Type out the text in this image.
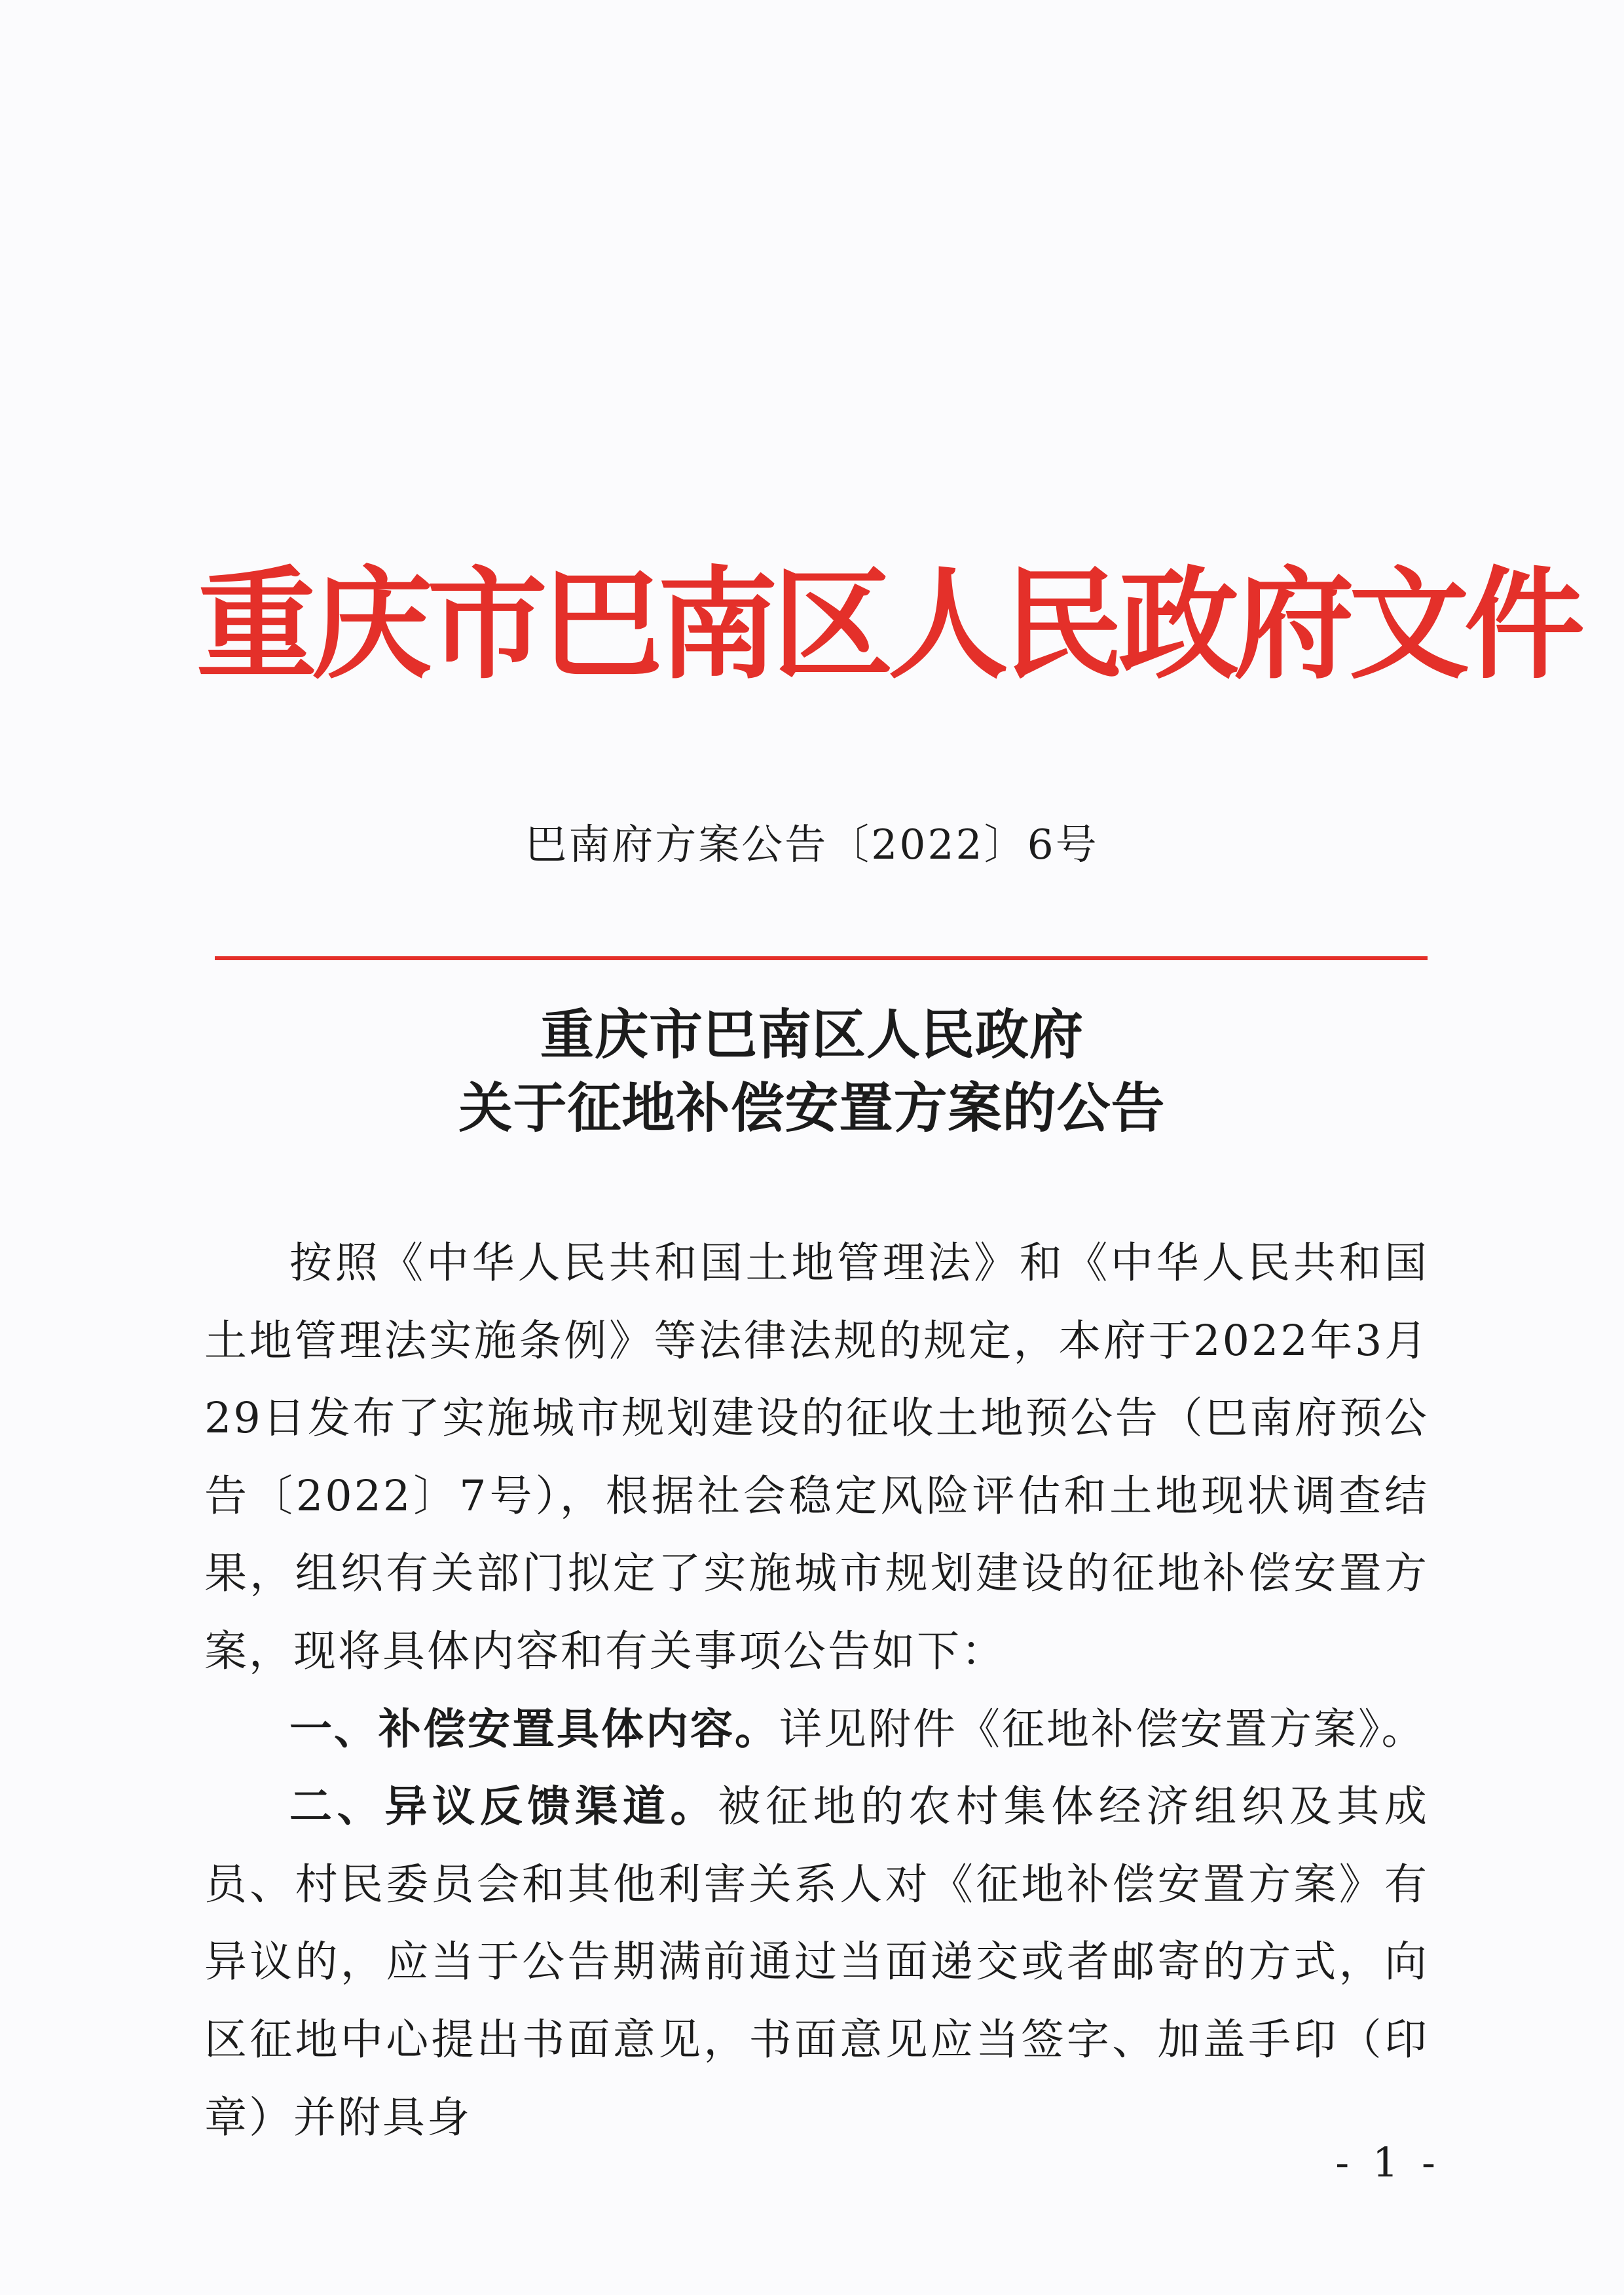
重庆市巴南区人民政府文件
巴南府方案公告〔2022〕6号
重庆市巴南区人民政府
关于征地补偿安置方案的公告

按照《中华人民共和国土地管理法》和《中华人民共和国土地管理法实施条例》等法律法规的规定，本府于2022年3月29日发布了实施城市规划建设的征收土地预公告（巴南府预公告〔2022〕7号），根据社会稳定风险评估和土地现状调查结果，组织有关部门拟定了实施城市规划建设的征地补偿安置方案，现将具体内容和有关事项公告如下：

一、补偿安置具体内容。详见附件《征地补偿安置方案》。

二、异议反馈渠道。被征地的农村集体经济组织及其成员、村民委员会和其他利害关系人对《征地补偿安置方案》有异议的，应当于公告期满前通过当面递交或者邮寄的方式，向区征地中心提出书面意见，书面意见应当签字、加盖手印（印章）并附具身

- 1 -
